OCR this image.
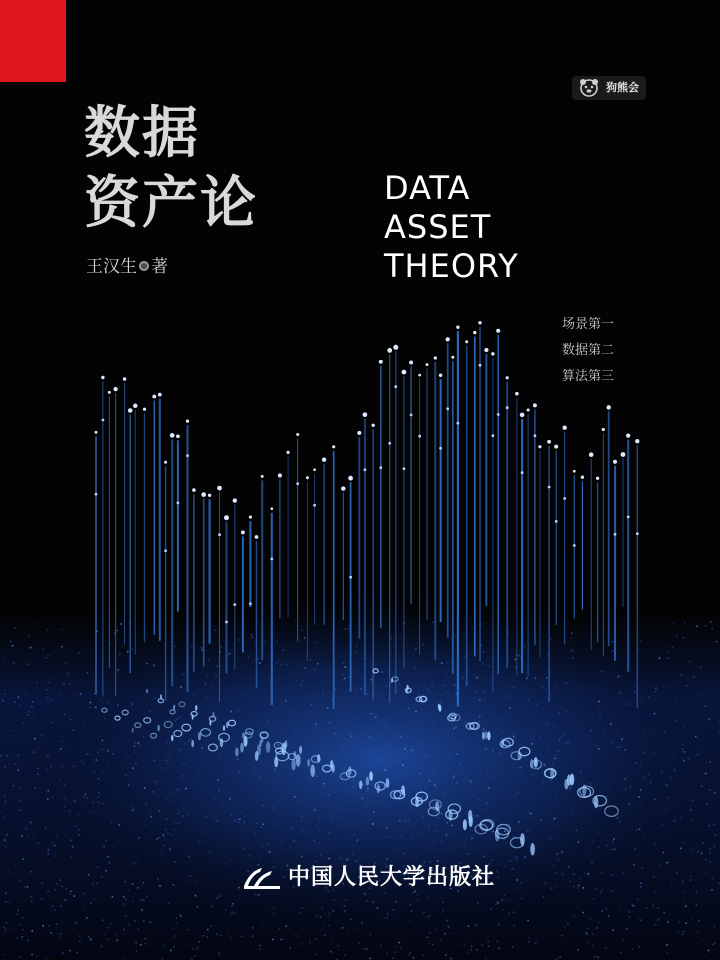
狗熊会
数据
资产论	DATA
ASSET
THEORY
王汉生 著
场景第一
数据第二
算法第三
中国人民大学出版社
